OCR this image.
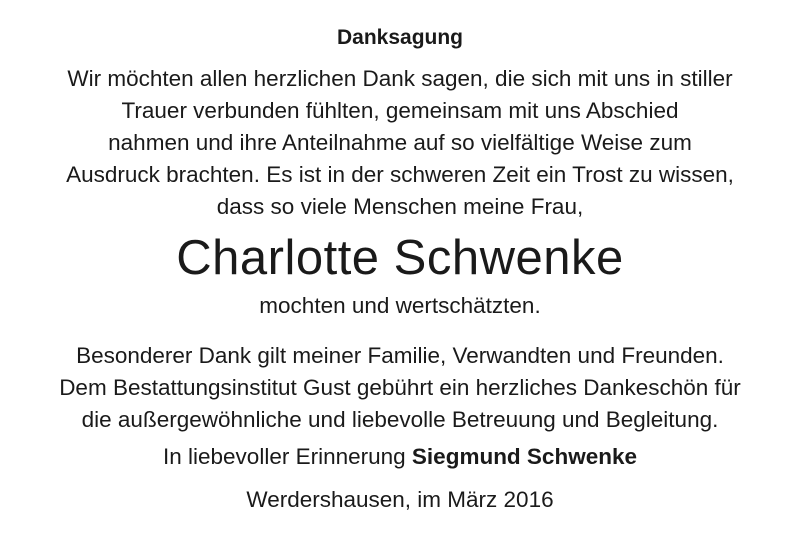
Danksagung
Wir möchten allen herzlichen Dank sagen, die sich mit uns in stiller
Trauer verbunden fühlten, gemeinsam mit uns Abschied
nahmen und ihre Anteilnahme auf so vielfältige Weise zum
Ausdruck brachten. Es ist in der schweren Zeit ein Trost zu wissen,
dass so viele Menschen meine Frau,
Charlotte Schwenke
mochten und wertschätzten.
Besonderer Dank gilt meiner Familie, Verwandten und Freunden.
Dem Bestattungsinstitut Gust gebührt ein herzliches Dankeschön für
die außergewöhnliche und liebevolle Betreuung und Begleitung.
In liebevoller Erinnerung Siegmund Schwenke
Werdershausen, im März 2016
